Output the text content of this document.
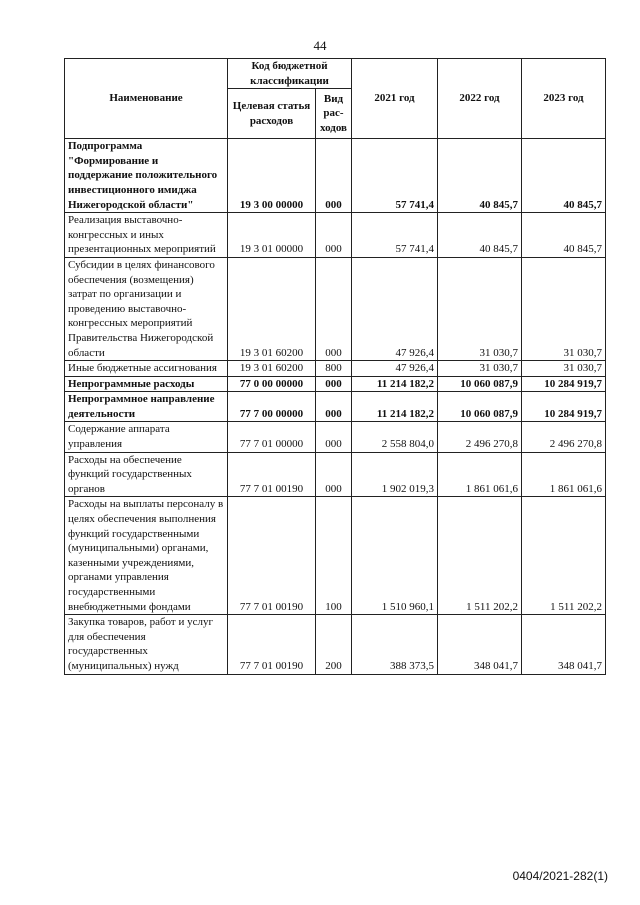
44
Наименование	Код бюджетной классификации		2021 год	2022 год	2023 год
	Целевая статья расходов	Вид рас-ходов			
Подпрограмма "Формирование и поддержание положительного инвестиционного имиджа Нижегородской области"	19 3 00 00000	000	57 741,4	40 845,7	40 845,7
Реализация выставочно-конгрессных и иных презентационных мероприятий	19 3 01 00000	000	57 741,4	40 845,7	40 845,7
Субсидии в целях финансового обеспечения (возмещения) затрат по организации и проведению выставочно-конгрессных мероприятий Правительства Нижегородской области	19 3 01 60200	000	47 926,4	31 030,7	31 030,7
Иные бюджетные ассигнования	19 3 01 60200	800	47 926,4	31 030,7	31 030,7
Непрограммные расходы	77 0 00 00000	000	11 214 182,2	10 060 087,9	10 284 919,7
Непрограммное направление деятельности	77 7 00 00000	000	11 214 182,2	10 060 087,9	10 284 919,7
Содержание аппарата управления	77 7 01 00000	000	2 558 804,0	2 496 270,8	2 496 270,8
Расходы на обеспечение функций государственных органов	77 7 01 00190	000	1 902 019,3	1 861 061,6	1 861 061,6
Расходы на выплаты персоналу в целях обеспечения выполнения функций государственными (муниципальными) органами, казенными учреждениями, органами управления государственными внебюджетными фондами	77 7 01 00190	100	1 510 960,1	1 511 202,2	1 511 202,2
Закупка товаров, работ и услуг для обеспечения государственных (муниципальных) нужд	77 7 01 00190	200	388 373,5	348 041,7	348 041,7
0404/2021-282(1)
